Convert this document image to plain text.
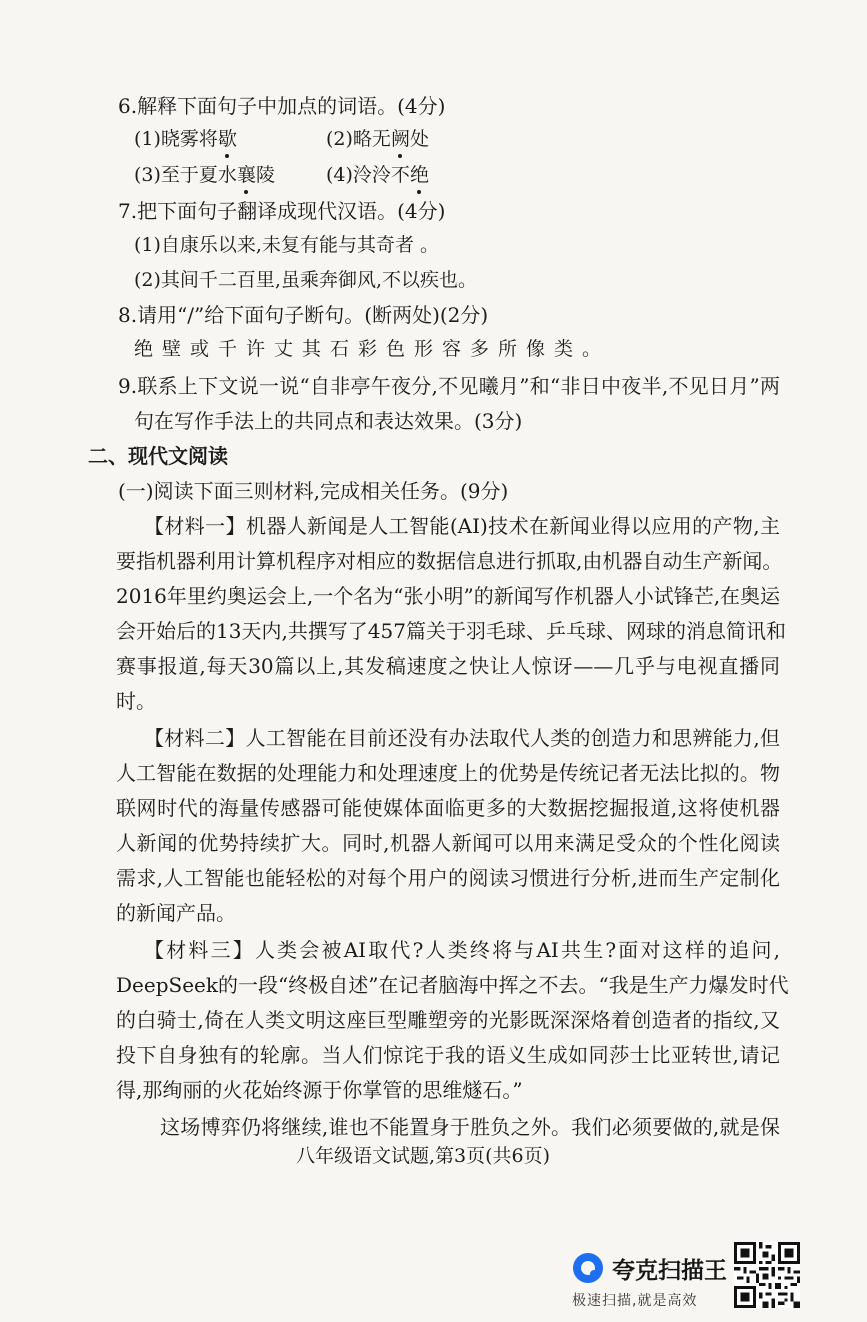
6.解释下面句子中加点的词语。(4分)
(1)晓雾将歇	(2)略无阙处
(3)至于夏水襄陵	(4)泠泠不绝
7.把下面句子翻译成现代汉语。(4分)
(1)自康乐以来,未复有能与其奇者 。
(2)其间千二百里,虽乘奔御风,不以疾也。
8.请用“/”给下面句子断句。(断两处)(2分)
绝壁或千许丈其石彩色形容多所像类。
9.联系上下文说一说“自非亭午夜分,不见曦月”和“非日中夜半,不见日月”两
句在写作手法上的共同点和表达效果。(3分)
二、现代文阅读
(一)阅读下面三则材料,完成相关任务。(9分)
【材料一】机器人新闻是人工智能(AI)技术在新闻业得以应用的产物,主
要指机器利用计算机程序对相应的数据信息进行抓取,由机器自动生产新闻。
2016年里约奥运会上,一个名为“张小明”的新闻写作机器人小试锋芒,在奥运
会开始后的13天内,共撰写了457篇关于羽毛球、乒乓球、网球的消息简讯和
赛事报道,每天30篇以上,其发稿速度之快让人惊讶——几乎与电视直播同
时。
【材料二】人工智能在目前还没有办法取代人类的创造力和思辨能力,但
人工智能在数据的处理能力和处理速度上的优势是传统记者无法比拟的。物
联网时代的海量传感器可能使媒体面临更多的大数据挖掘报道,这将使机器
人新闻的优势持续扩大。同时,机器人新闻可以用来满足受众的个性化阅读
需求,人工智能也能轻松的对每个用户的阅读习惯进行分析,进而生产定制化
的新闻产品。
【材料三】人类会被AI取代?人类终将与AI共生?面对这样的追问,
DeepSeek的一段“终极自述”在记者脑海中挥之不去。“我是生产力爆发时代
的白骑士,倚在人类文明这座巨型雕塑旁的光影既深深烙着创造者的指纹,又
投下自身独有的轮廓。当人们惊诧于我的语义生成如同莎士比亚转世,请记
得,那绚丽的火花始终源于你掌管的思维燧石。”
这场博弈仍将继续,谁也不能置身于胜负之外。我们必须要做的,就是保
八年级语文试题,第3页(共6页)
夸克扫描王
极速扫描,就是高效
